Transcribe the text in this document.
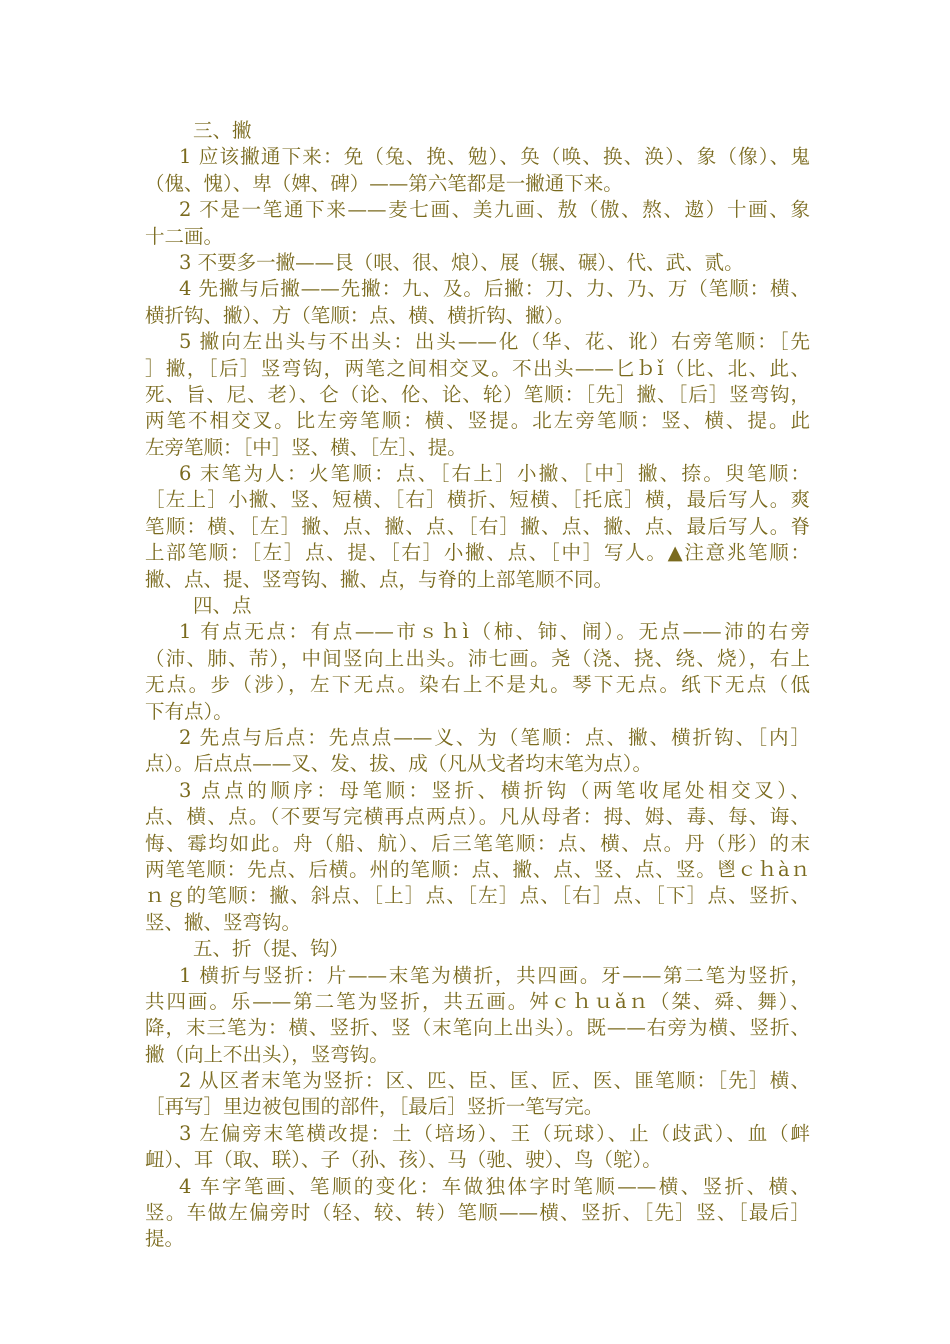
三、撇
1 应该撇通下来：免（兔、挽、勉）、奂（唤、换、涣）、象（像）、鬼
（傀、愧）、卑（婢、碑）——第六笔都是一撇通下来。
2 不是一笔通下来——麦七画、美九画、敖（傲、熬、遨）十画、象
十二画。
3 不要多一撇——艮（哏、很、烺）、展（辗、碾）、代、武、贰。
4 先撇与后撇——先撇：九、及。后撇：刀、力、乃、万（笔顺：横、
横折钩、撇）、方（笔顺：点、横、横折钩、撇）。
5 撇向左出头与不出头：出头——化（华、花、讹）右旁笔顺：［先
］撇，［后］竖弯钩，两笔之间相交叉。不出头——匕ｂǐ（比、北、此、
死、旨、尼、老）、仑（论、伦、论、轮）笔顺：［先］撇、［后］竖弯钩，
两笔不相交叉。比左旁笔顺：横、竖提。北左旁笔顺：竖、横、提。此
左旁笔顺：［中］竖、横、［左］、提。
6 末笔为人：火笔顺：点、［右上］小撇、［中］撇、捺。臾笔顺：
［左上］小撇、竖、短横、［右］横折、短横、［托底］横，最后写人。爽
笔顺：横、［左］撇、点、撇、点、［右］撇、点、撇、点、最后写人。脊
上部笔顺：［左］点、提、［右］小撇、点、［中］写人。▲注意兆笔顺：
撇、点、提、竖弯钩、撇、点，与脊的上部笔顺不同。
四、点
1 有点无点：有点——市ｓｈì（柿、铈、闹）。无点——沛的右旁
（沛、肺、芾），中间竖向上出头。沛七画。尧（浇、挠、绕、烧），右上
无点。步（涉），左下无点。染右上不是丸。琴下无点。纸下无点（低
下有点）。
2 先点与后点：先点点——义、为（笔顺：点、撇、横折钩、［内］
点）。后点点——叉、发、拔、成（凡从戈者均末笔为点）。
3 点点的顺序：母笔顺：竖折、横折钩（两笔收尾处相交叉）、
点、横、点。（不要写完横再点两点）。凡从母者：拇、姆、毒、每、诲、
悔、霉均如此。舟（船、航）、后三笔笔顺：点、横、点。丹（彤）的末
两笔笔顺：先点、后横。州的笔顺：点、撇、点、竖、点、竖。鬯ｃｈàｎ
ｎｇ的笔顺：撇、斜点、［上］点、［左］点、［右］点、［下］点、竖折、
竖、撇、竖弯钩。
五、折（提、钩）
1 横折与竖折：片——末笔为横折，共四画。牙——第二笔为竖折，
共四画。乐——第二笔为竖折，共五画。舛ｃｈｕǎｎ（桀、舜、舞）、
降，末三笔为：横、竖折、竖（末笔向上出头）。既——右旁为横、竖折、
撇（向上不出头），竖弯钩。
2 从区者末笔为竖折：区、匹、臣、匡、匠、医、匪笔顺：［先］横、
［再写］里边被包围的部件，［最后］竖折一笔写完。
3 左偏旁末笔横改提：土（培场）、王（玩球）、止（歧武）、血（衅
衄）、耳（取、联）、子（孙、孩）、马（驰、驶）、鸟（鸵）。
4 车字笔画、笔顺的变化：车做独体字时笔顺——横、竖折、横、
竖。车做左偏旁时（轻、较、转）笔顺——横、竖折、［先］竖、［最后］
提。
